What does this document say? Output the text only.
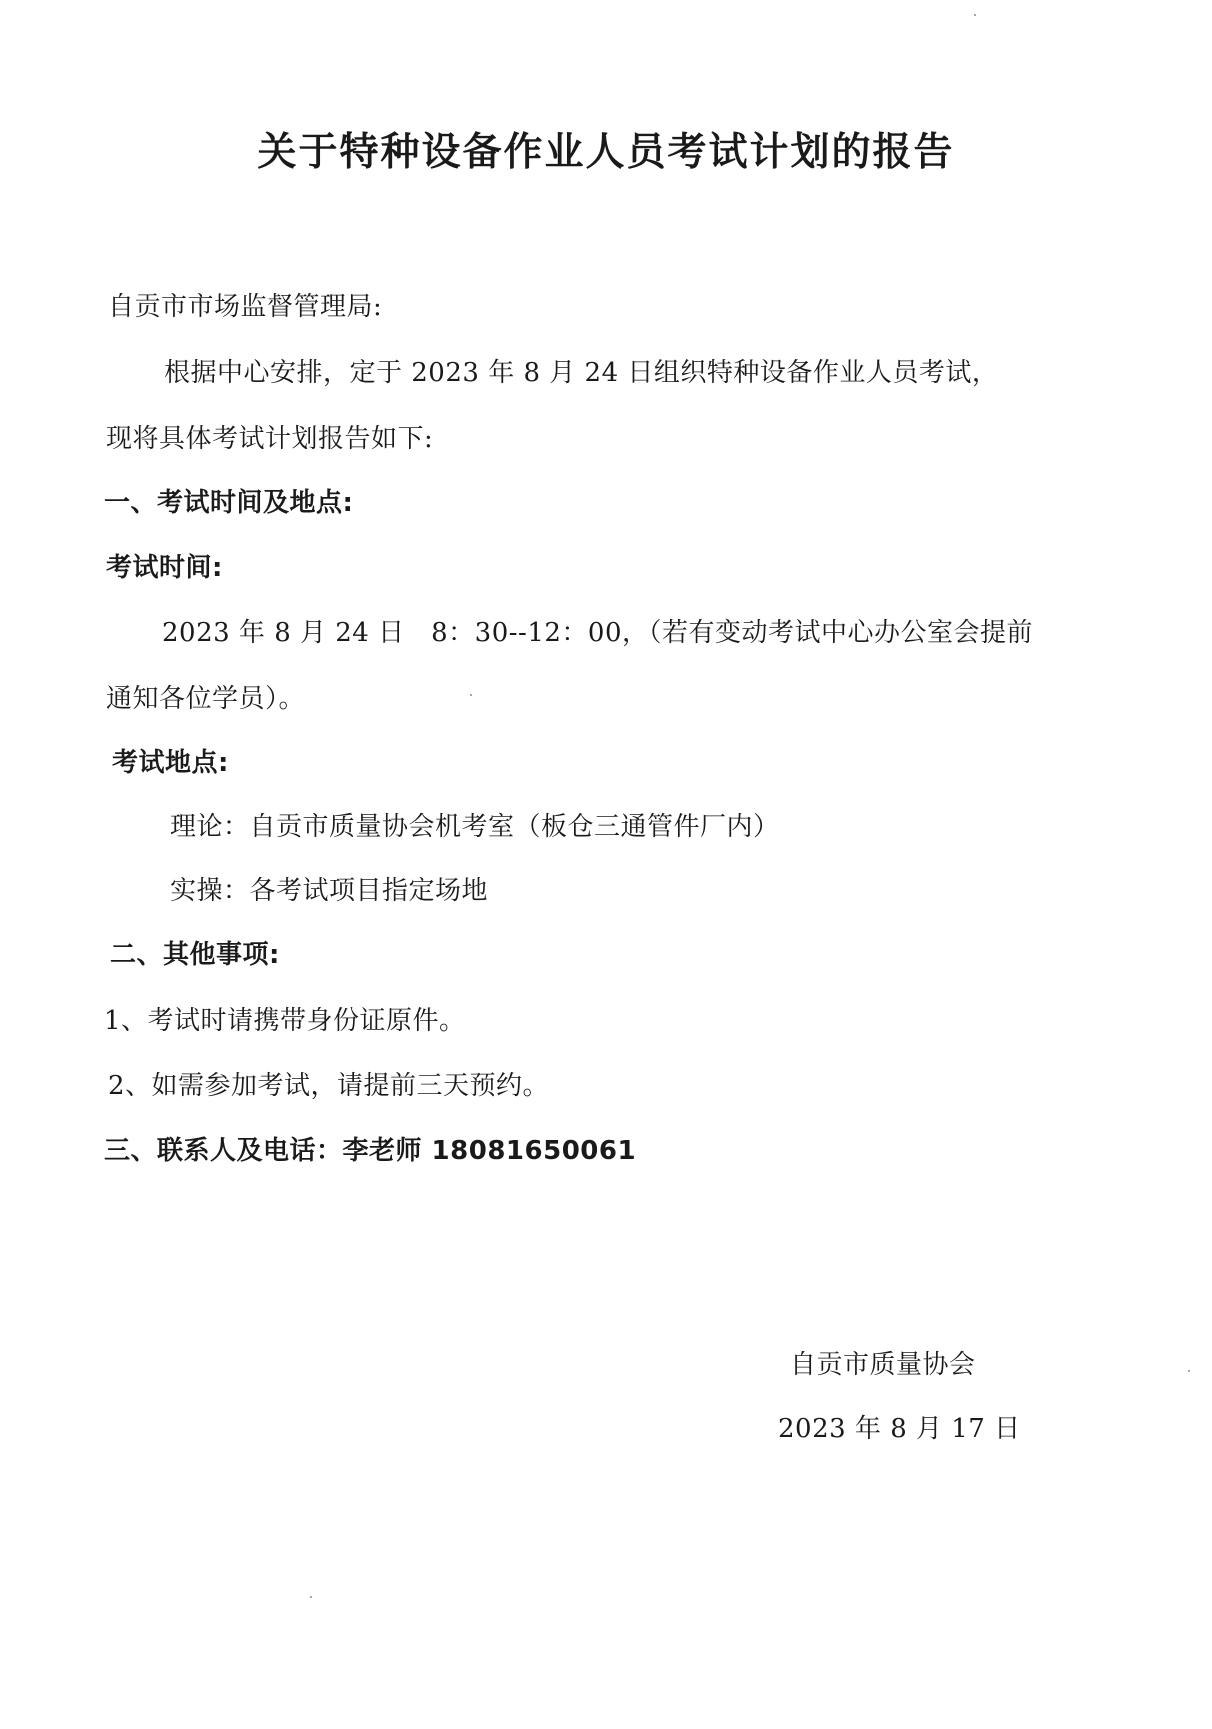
关于特种设备作业人员考试计划的报告
自贡市市场监督管理局:
根据中心安排，定于 2023 年 8 月 24 日组织特种设备作业人员考试，
现将具体考试计划报告如下:
一、考试时间及地点:
考试时间:
2023 年 8 月 24 日　8：30--12：00，（若有变动考试中心办公室会提前
通知各位学员）。
考试地点:
理论：自贡市质量协会机考室（板仓三通管件厂内）
实操：各考试项目指定场地
二、其他事项:
1、考试时请携带身份证原件。
2、如需参加考试，请提前三天预约。
三、联系人及电话：李老师 18081650061
自贡市质量协会
2023 年 8 月 17 日
